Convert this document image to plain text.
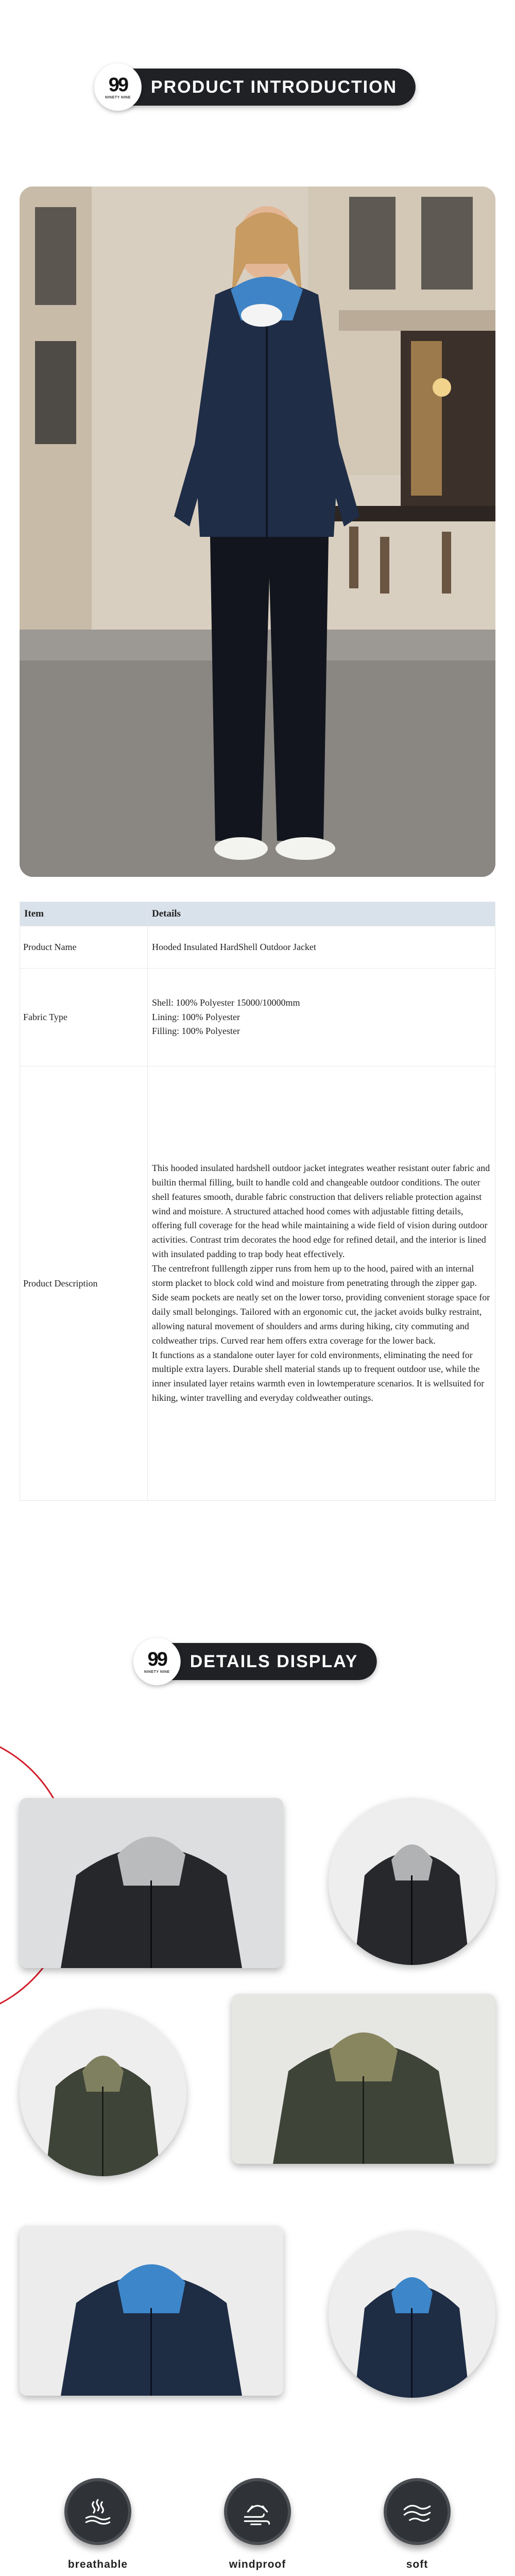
99
NINETY NINE
PRODUCT INTRODUCTION
Item	Details
Product Name	Hooded Insulated HardShell Outdoor Jacket
Fabric Type	Shell: 100% Polyester 15000/10000mm
Lining: 100% Polyester
Filling: 100% Polyester

Product Description	This hooded insulated hardshell outdoor jacket integrates weather resistant outer fabric and builtin thermal filling, built to handle cold and changeable outdoor conditions. The outer shell features smooth, durable fabric construction that delivers reliable protection against wind and moisture. A structured attached hood comes with adjustable fitting details, offering full coverage for the head while maintaining a wide field of vision during outdoor activities. Contrast trim decorates the hood edge for refined detail, and the interior is lined with insulated padding to trap body heat effectively.

The centrefront fulllength zipper runs from hem up to the hood, paired with an internal storm placket to block cold wind and moisture from penetrating through the zipper gap. Side seam pockets are neatly set on the lower torso, providing convenient storage space for daily small belongings. Tailored with an ergonomic cut, the jacket avoids bulky restraint, allowing natural movement of shoulders and arms during hiking, city commuting and coldweather trips. Curved rear hem offers extra coverage for the lower back.

It functions as a standalone outer layer for cold environments, eliminating the need for multiple extra layers. Durable shell material stands up to frequent outdoor use, while the inner insulated layer retains warmth even in lowtemperature scenarios. It is wellsuited for hiking, winter travelling and everyday coldweather outings.

99
NINETY NINE
DETAILS DISPLAY
breathable	windproof	soft
